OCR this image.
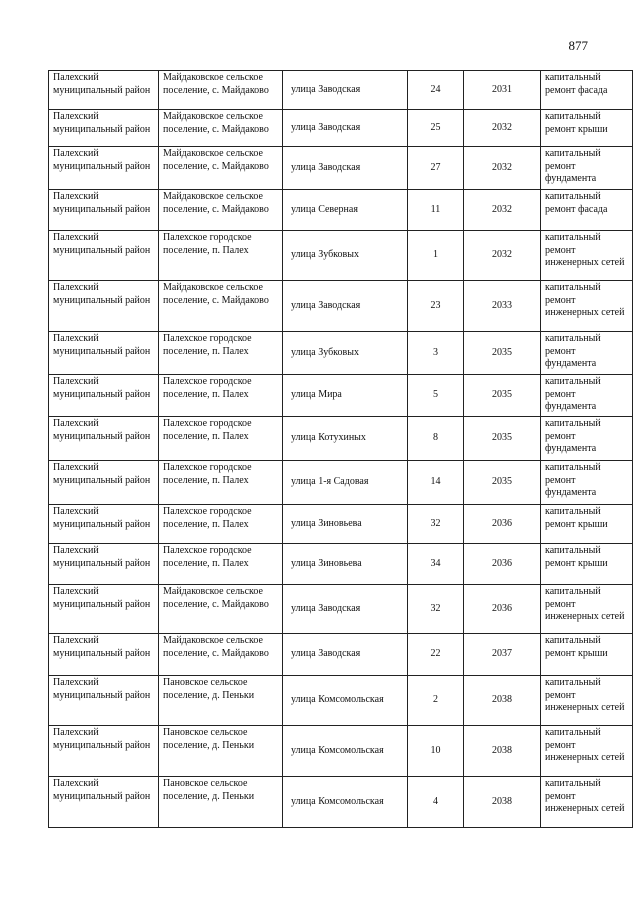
877
Палехский муниципальный район	Майдаковское сельское поселение, с. Майдаково	улица Заводская	24	2031	капитальный ремонт фасада
Палехский муниципальный район	Майдаковское сельское поселение, с. Майдаково	улица Заводская	25	2032	капитальный ремонт крыши
Палехский муниципальный район	Майдаковское сельское поселение, с. Майдаково	улица Заводская	27	2032	капитальный ремонт фундамента
Палехский муниципальный район	Майдаковское сельское поселение, с. Майдаково	улица Северная	11	2032	капитальный ремонт фасада
Палехский муниципальный район	Палехское городское поселение, п. Палех	улица Зубковых	1	2032	капитальный ремонт инженерных сетей
Палехский муниципальный район	Майдаковское сельское поселение, с. Майдаково	улица Заводская	23	2033	капитальный ремонт инженерных сетей
Палехский муниципальный район	Палехское городское поселение, п. Палех	улица Зубковых	3	2035	капитальный ремонт фундамента
Палехский муниципальный район	Палехское городское поселение, п. Палех	улица Мира	5	2035	капитальный ремонт фундамента
Палехский муниципальный район	Палехское городское поселение, п. Палех	улица Котухиных	8	2035	капитальный ремонт фундамента
Палехский муниципальный район	Палехское городское поселение, п. Палех	улица 1-я Садовая	14	2035	капитальный ремонт фундамента
Палехский муниципальный район	Палехское городское поселение, п. Палех	улица Зиновьева	32	2036	капитальный ремонт крыши
Палехский муниципальный район	Палехское городское поселение, п. Палех	улица Зиновьева	34	2036	капитальный ремонт крыши
Палехский муниципальный район	Майдаковское сельское поселение, с. Майдаково	улица Заводская	32	2036	капитальный ремонт инженерных сетей
Палехский муниципальный район	Майдаковское сельское поселение, с. Майдаково	улица Заводская	22	2037	капитальный ремонт крыши
Палехский муниципальный район	Пановское сельское поселение, д. Пеньки	улица Комсомольская	2	2038	капитальный ремонт инженерных сетей
Палехский муниципальный район	Пановское сельское поселение, д. Пеньки	улица Комсомольская	10	2038	капитальный ремонт инженерных сетей
Палехский муниципальный район	Пановское сельское поселение, д. Пеньки	улица Комсомольская	4	2038	капитальный ремонт инженерных сетей
